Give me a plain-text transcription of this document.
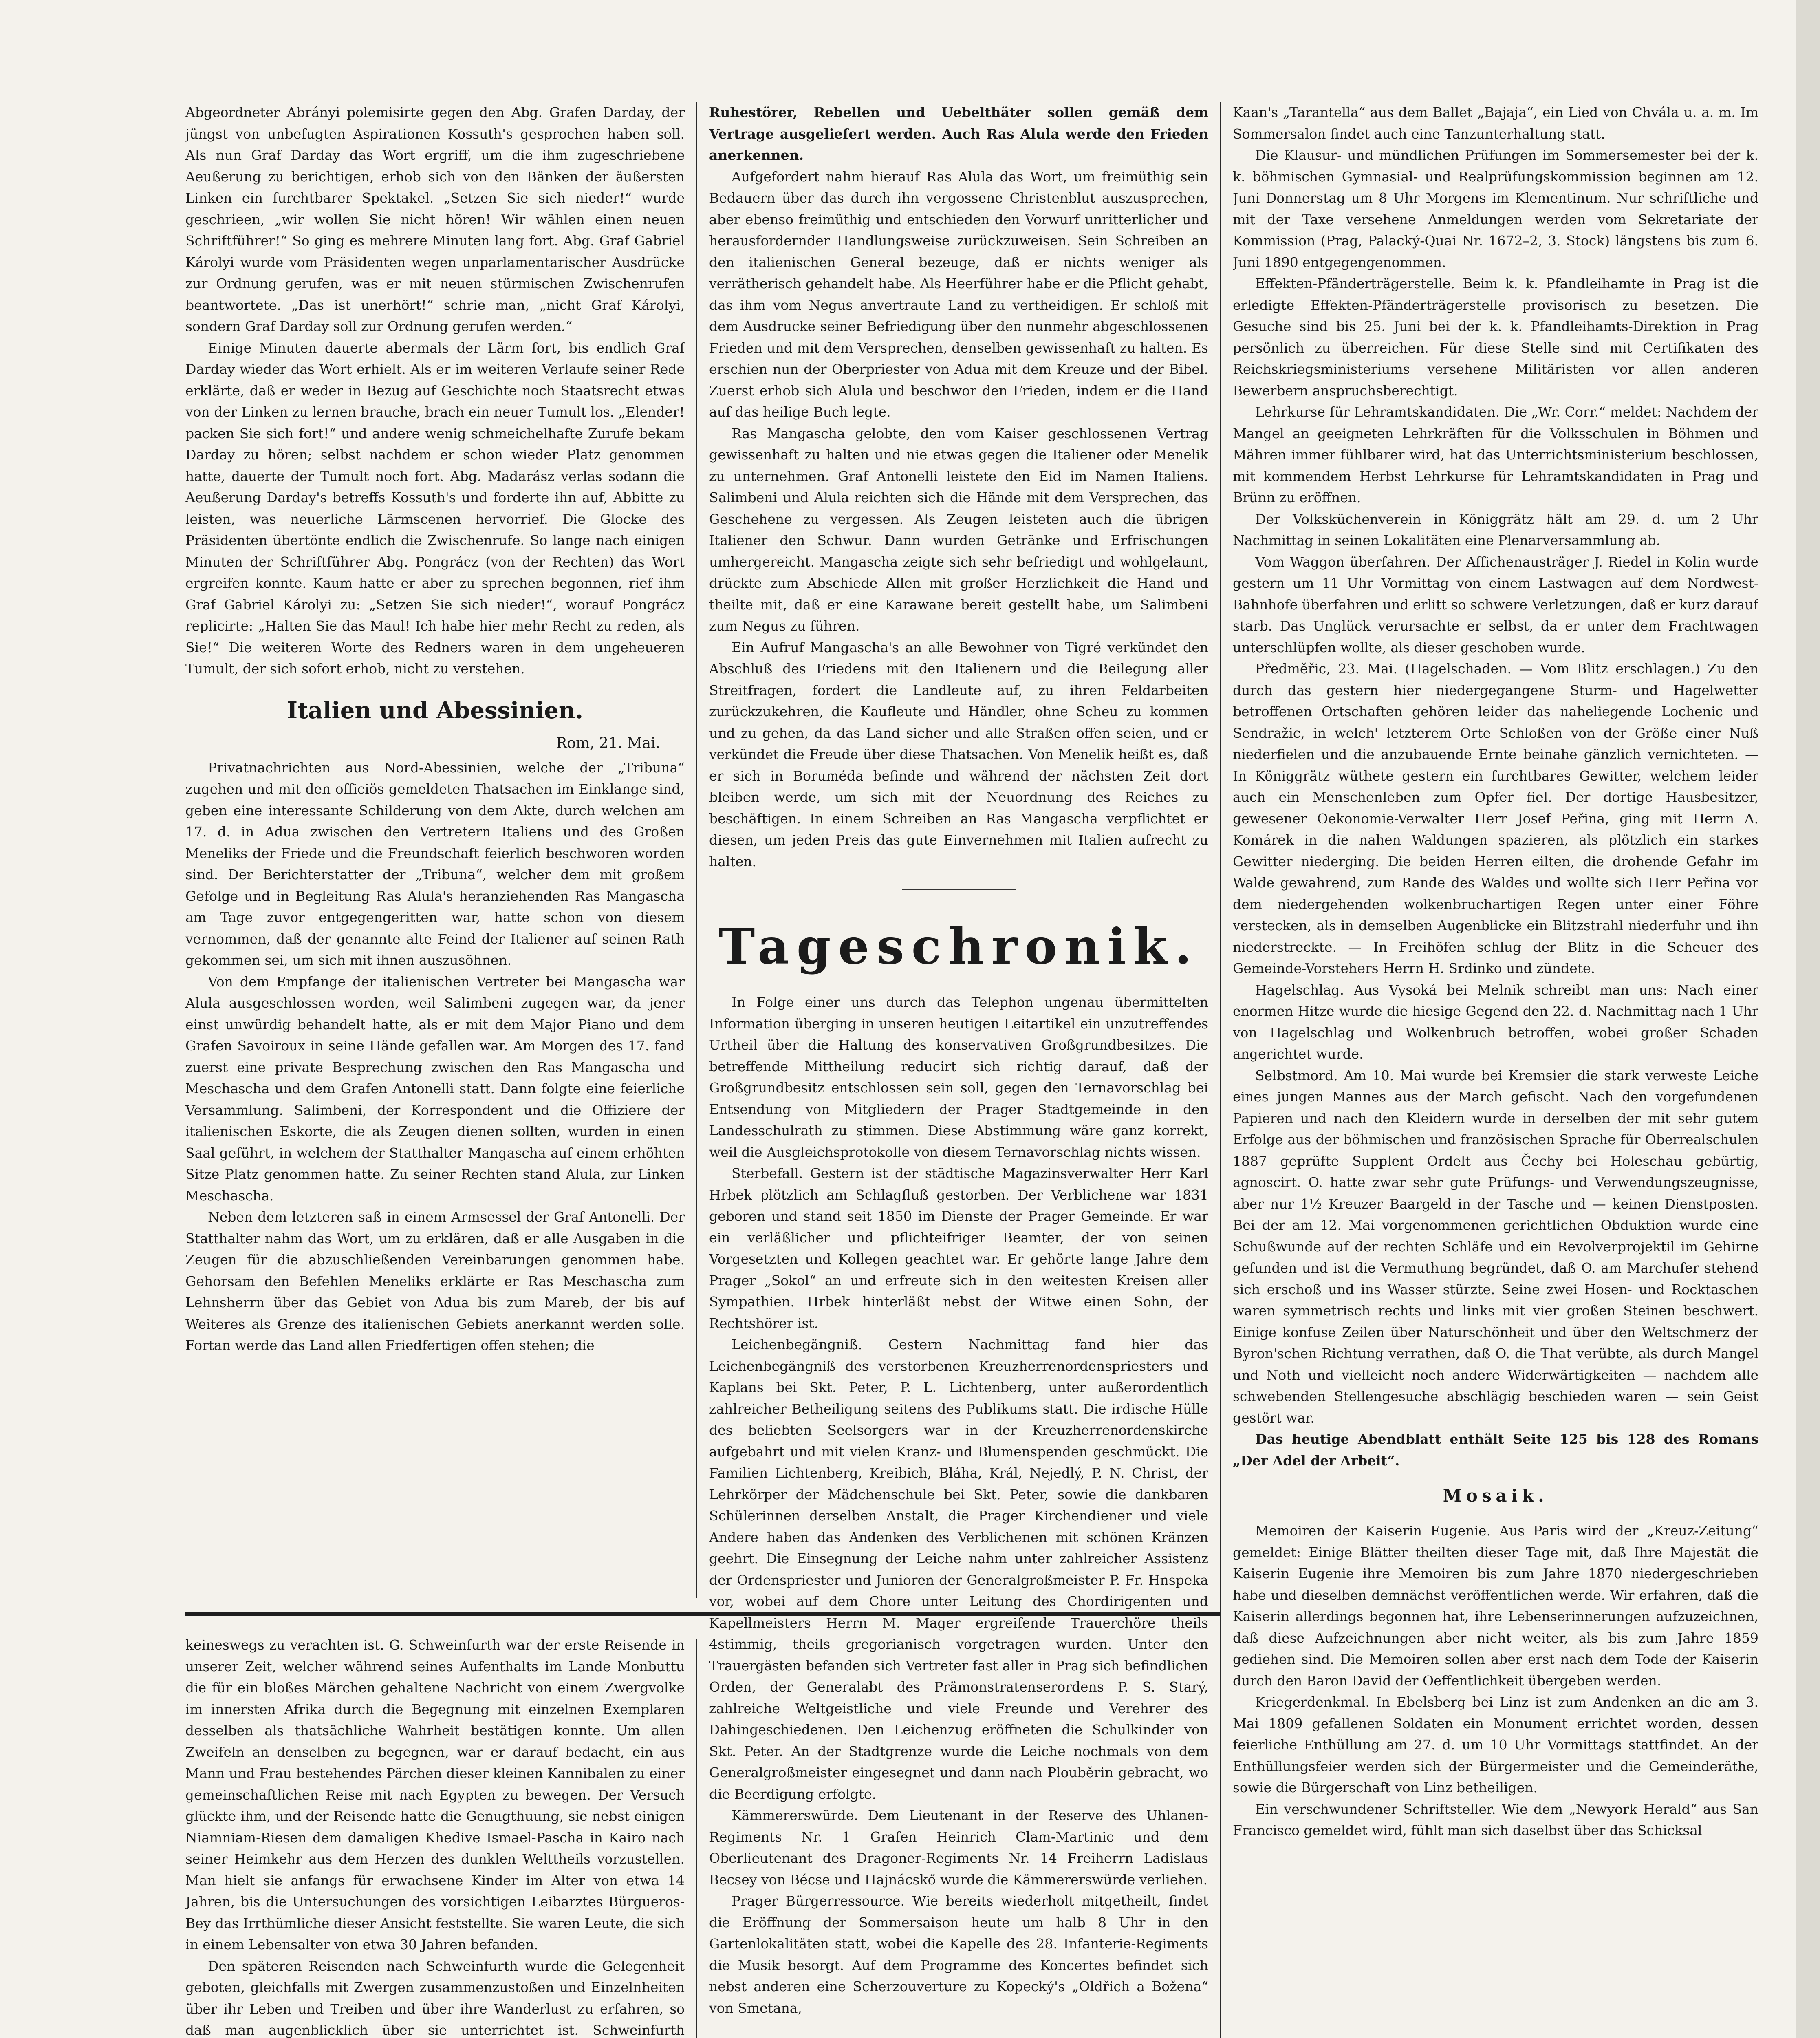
Abgeordneter Abrányi polemisirte gegen den Abg. Grafen Darday, der jüngst von unbefugten Aspirationen Kossuth's gesprochen haben soll. Als nun Graf Darday das Wort ergriff, um die ihm zugeschriebene Aeußerung zu berichtigen, erhob sich von den Bänken der äußersten Linken ein furchtbarer Spektakel. „Setzen Sie sich nieder!“ wurde geschrieen, „wir wollen Sie nicht hören! Wir wählen einen neuen Schriftführer!“ So ging es mehrere Minuten lang fort. Abg. Graf Gabriel Károlyi wurde vom Präsidenten wegen unparlamentarischer Ausdrücke zur Ordnung gerufen, was er mit neuen stürmischen Zwischenrufen beantwortete. „Das ist unerhört!“ schrie man, „nicht Graf Károlyi, sondern Graf Darday soll zur Ordnung gerufen werden.“

Einige Minuten dauerte abermals der Lärm fort, bis endlich Graf Darday wieder das Wort erhielt. Als er im weiteren Verlaufe seiner Rede erklärte, daß er weder in Bezug auf Geschichte noch Staatsrecht etwas von der Linken zu lernen brauche, brach ein neuer Tumult los. „Elender! packen Sie sich fort!“ und andere wenig schmeichelhafte Zurufe bekam Darday zu hören; selbst nachdem er schon wieder Platz genommen hatte, dauerte der Tumult noch fort. Abg. Madarász verlas sodann die Aeußerung Darday's betreffs Kossuth's und forderte ihn auf, Abbitte zu leisten, was neuerliche Lärmscenen hervorrief. Die Glocke des Präsidenten übertönte endlich die Zwischenrufe. So lange nach einigen Minuten der Schriftführer Abg. Pongrácz (von der Rechten) das Wort ergreifen konnte. Kaum hatte er aber zu sprechen begonnen, rief ihm Graf Gabriel Károlyi zu: „Setzen Sie sich nieder!“, worauf Pongrácz replicirte: „Halten Sie das Maul! Ich habe hier mehr Recht zu reden, als Sie!“ Die weiteren Worte des Redners waren in dem ungeheueren Tumult, der sich sofort erhob, nicht zu verstehen.

Italien und Abessinien.
Rom, 21. Mai.

Privatnachrichten aus Nord-Abessinien, welche der „Tribuna“ zugehen und mit den officiös gemeldeten Thatsachen im Einklange sind, geben eine interessante Schilderung von dem Akte, durch welchen am 17. d. in Adua zwischen den Vertretern Italiens und des Großen Meneliks der Friede und die Freundschaft feierlich beschworen worden sind. Der Berichterstatter der „Tribuna“, welcher dem mit großem Gefolge und in Begleitung Ras Alula's heranziehenden Ras Mangascha am Tage zuvor entgegengeritten war, hatte schon von diesem vernommen, daß der genannte alte Feind der Italiener auf seinen Rath gekommen sei, um sich mit ihnen auszusöhnen.

Von dem Empfange der italienischen Vertreter bei Mangascha war Alula ausgeschlossen worden, weil Salimbeni zugegen war, da jener einst unwürdig behandelt hatte, als er mit dem Major Piano und dem Grafen Savoiroux in seine Hände gefallen war. Am Morgen des 17. fand zuerst eine private Besprechung zwischen den Ras Mangascha und Meschascha und dem Grafen Antonelli statt. Dann folgte eine feierliche Versammlung. Salimbeni, der Korrespondent und die Offiziere der italienischen Eskorte, die als Zeugen dienen sollten, wurden in einen Saal geführt, in welchem der Statthalter Mangascha auf einem erhöhten Sitze Platz genommen hatte. Zu seiner Rechten stand Alula, zur Linken Meschascha.

Neben dem letzteren saß in einem Armsessel der Graf Antonelli. Der Statthalter nahm das Wort, um zu erklären, daß er alle Ausgaben in die Zeugen für die abzuschließenden Vereinbarungen genommen habe. Gehorsam den Befehlen Meneliks erklärte er Ras Meschascha zum Lehnsherrn über das Gebiet von Adua bis zum Mareb, der bis auf Weiteres als Grenze des italienischen Gebiets anerkannt werden solle. Fortan werde das Land allen Friedfertigen offen stehen; die

keineswegs zu verachten ist. G. Schweinfurth war der erste Reisende in unserer Zeit, welcher während seines Aufenthalts im Lande Monbuttu die für ein bloßes Märchen gehaltene Nachricht von einem Zwergvolke im innersten Afrika durch die Begegnung mit einzelnen Exemplaren desselben als thatsächliche Wahrheit bestätigen konnte. Um allen Zweifeln an denselben zu begegnen, war er darauf bedacht, ein aus Mann und Frau bestehendes Pärchen dieser kleinen Kannibalen zu einer gemeinschaftlichen Reise mit nach Egypten zu bewegen. Der Versuch glückte ihm, und der Reisende hatte die Genugthuung, sie nebst einigen Niamniam-Riesen dem damaligen Khedive Ismael-Pascha in Kairo nach seiner Heimkehr aus dem Herzen des dunklen Welttheils vorzustellen. Man hielt sie anfangs für erwachsene Kinder im Alter von etwa 14 Jahren, bis die Untersuchungen des vorsichtigen Leibarztes Bürgueros-Bey das Irrthümliche dieser Ansicht feststellte. Sie waren Leute, die sich in einem Lebensalter von etwa 30 Jahren befanden.

Den späteren Reisenden nach Schweinfurth wurde die Gelegenheit geboten, gleichfalls mit Zwergen zusammenzustoßen und Einzelnheiten über ihr Leben und Treiben und über ihre Wanderlust zu erfahren, so daß man augenblicklich über sie unterrichtet ist. Schweinfurth

Ruhestörer, Rebellen und Uebelthäter sollen gemäß dem Vertrage ausgeliefert werden. Auch Ras Alula werde den Frieden anerkennen.

Aufgefordert nahm hierauf Ras Alula das Wort, um freimüthig sein Bedauern über das durch ihn vergossene Christenblut auszusprechen, aber ebenso freimüthig und entschieden den Vorwurf unritterlicher und herausfordernder Handlungsweise zurückzuweisen. Sein Schreiben an den italienischen General bezeuge, daß er nichts weniger als verrätherisch gehandelt habe. Als Heerführer habe er die Pflicht gehabt, das ihm vom Negus anvertraute Land zu vertheidigen. Er schloß mit dem Ausdrucke seiner Befriedigung über den nunmehr abgeschlossenen Frieden und mit dem Versprechen, denselben gewissenhaft zu halten. Es erschien nun der Oberpriester von Adua mit dem Kreuze und der Bibel. Zuerst erhob sich Alula und beschwor den Frieden, indem er die Hand auf das heilige Buch legte.

Ras Mangascha gelobte, den vom Kaiser geschlossenen Vertrag gewissenhaft zu halten und nie etwas gegen die Italiener oder Menelik zu unternehmen. Graf Antonelli leistete den Eid im Namen Italiens. Salimbeni und Alula reichten sich die Hände mit dem Versprechen, das Geschehene zu vergessen. Als Zeugen leisteten auch die übrigen Italiener den Schwur. Dann wurden Getränke und Erfrischungen umhergereicht. Mangascha zeigte sich sehr befriedigt und wohlgelaunt, drückte zum Abschiede Allen mit großer Herzlichkeit die Hand und theilte mit, daß er eine Karawane bereit gestellt habe, um Salimbeni zum Negus zu führen.

Ein Aufruf Mangascha's an alle Bewohner von Tigré verkündet den Abschluß des Friedens mit den Italienern und die Beilegung aller Streitfragen, fordert die Landleute auf, zu ihren Feldarbeiten zurückzukehren, die Kaufleute und Händler, ohne Scheu zu kommen und zu gehen, da das Land sicher und alle Straßen offen seien, und er verkündet die Freude über diese Thatsachen. Von Menelik heißt es, daß er sich in Boruméda befinde und während der nächsten Zeit dort bleiben werde, um sich mit der Neuordnung des Reiches zu beschäftigen. In einem Schreiben an Ras Mangascha verpflichtet er diesen, um jeden Preis das gute Einvernehmen mit Italien aufrecht zu halten.

Tageschronik.

In Folge einer uns durch das Telephon ungenau übermittelten Information überging in unseren heutigen Leitartikel ein unzutreffendes Urtheil über die Haltung des konservativen Großgrundbesitzes. Die betreffende Mittheilung reducirt sich richtig darauf, daß der Großgrundbesitz entschlossen sein soll, gegen den Ternavorschlag bei Entsendung von Mitgliedern der Prager Stadtgemeinde in den Landesschulrath zu stimmen. Diese Abstimmung wäre ganz korrekt, weil die Ausgleichsprotokolle von diesem Ternavorschlag nichts wissen.

Sterbefall. Gestern ist der städtische Magazinsverwalter Herr Karl Hrbek plötzlich am Schlagfluß gestorben. Der Verblichene war 1831 geboren und stand seit 1850 im Dienste der Prager Gemeinde. Er war ein verläßlicher und pflichteifriger Beamter, der von seinen Vorgesetzten und Kollegen geachtet war. Er gehörte lange Jahre dem Prager „Sokol“ an und erfreute sich in den weitesten Kreisen aller Sympathien. Hrbek hinterläßt nebst der Witwe einen Sohn, der Rechtshörer ist.

Leichenbegängniß. Gestern Nachmittag fand hier das Leichenbegängniß des verstorbenen Kreuzherrenordenspriesters und Kaplans bei Skt. Peter, P. L. Lichtenberg, unter außerordentlich zahlreicher Betheiligung seitens des Publikums statt. Die irdische Hülle des beliebten Seelsorgers war in der Kreuzherrenordenskirche aufgebahrt und mit vielen Kranz- und Blumenspenden geschmückt. Die Familien Lichtenberg, Kreibich, Bláha, Král, Nejedlý, P. N. Christ, der Lehrkörper der Mädchenschule bei Skt. Peter, sowie die dankbaren Schülerinnen derselben Anstalt, die Prager Kirchendiener und viele Andere haben das Andenken des Verblichenen mit schönen Kränzen geehrt. Die Einsegnung der Leiche nahm unter zahlreicher Assistenz der Ordenspriester und Junioren der Generalgroßmeister P. Fr. Hnspeka vor, wobei auf dem Chore unter Leitung des Chordirigenten und Kapellmeisters Herrn M. Mager ergreifende Trauerchöre theils 4stimmig, theils gregorianisch vorgetragen wurden. Unter den Trauergästen befanden sich Vertreter fast aller in Prag sich befindlichen Orden, der Generalabt des Prämonstratenserordens P. S. Starý, zahlreiche Weltgeistliche und viele Freunde und Verehrer des Dahingeschiedenen. Den Leichenzug eröffneten die Schulkinder von Skt. Peter. An der Stadtgrenze wurde die Leiche nochmals von dem Generalgroßmeister eingesegnet und dann nach Plouběrin gebracht, wo die Beerdigung erfolgte.

Kämmererswürde. Dem Lieutenant in der Reserve des Uhlanen-Regiments Nr. 1 Grafen Heinrich Clam-Martinic und dem Oberlieutenant des Dragoner-Regiments Nr. 14 Freiherrn Ladislaus Becsey von Bécse und Hajnácskő wurde die Kämmererswürde verliehen.

Prager Bürgerressource. Wie bereits wiederholt mitgetheilt, findet die Eröffnung der Sommersaison heute um halb 8 Uhr in den Gartenlokalitäten statt, wobei die Kapelle des 28. Infanterie-Regiments die Musik besorgt. Auf dem Programme des Koncertes befindet sich nebst anderen eine Scherzouverture zu Kopecký's „Oldřich a Božena“ von Smetana,

Kaan's „Tarantella“ aus dem Ballet „Bajaja“, ein Lied von Chvála u. a. m. Im Sommersalon findet auch eine Tanzunterhaltung statt.

Die Klausur- und mündlichen Prüfungen im Sommersemester bei der k. k. böhmischen Gymnasial- und Realprüfungskommission beginnen am 12. Juni Donnerstag um 8 Uhr Morgens im Klementinum. Nur schriftliche und mit der Taxe versehene Anmeldungen werden vom Sekretariate der Kommission (Prag, Palacký-Quai Nr. 1672–2, 3. Stock) längstens bis zum 6. Juni 1890 entgegengenommen.

Effekten-Pfänderträgerstelle. Beim k. k. Pfandleihamte in Prag ist die erledigte Effekten-Pfänderträgerstelle provisorisch zu besetzen. Die Gesuche sind bis 25. Juni bei der k. k. Pfandleihamts-Direktion in Prag persönlich zu überreichen. Für diese Stelle sind mit Certifikaten des Reichskriegsministeriums versehene Militäristen vor allen anderen Bewerbern anspruchsberechtigt.

Lehrkurse für Lehramtskandidaten. Die „Wr. Corr.“ meldet: Nachdem der Mangel an geeigneten Lehrkräften für die Volksschulen in Böhmen und Mähren immer fühlbarer wird, hat das Unterrichtsministerium beschlossen, mit kommendem Herbst Lehrkurse für Lehramtskandidaten in Prag und Brünn zu eröffnen.

Der Volksküchenverein in Königgrätz hält am 29. d. um 2 Uhr Nachmittag in seinen Lokalitäten eine Plenarversammlung ab.

Vom Waggon überfahren. Der Affichenausträger J. Riedel in Kolin wurde gestern um 11 Uhr Vormittag von einem Lastwagen auf dem Nordwest-Bahnhofe überfahren und erlitt so schwere Verletzungen, daß er kurz darauf starb. Das Unglück verursachte er selbst, da er unter dem Frachtwagen unterschlüpfen wollte, als dieser geschoben wurde.

Předměřic, 23. Mai. (Hagelschaden. — Vom Blitz erschlagen.) Zu den durch das gestern hier niedergegangene Sturm- und Hagelwetter betroffenen Ortschaften gehören leider das naheliegende Lochenic und Sendražic, in welch' letzterem Orte Schloßen von der Größe einer Nuß niederfielen und die anzubauende Ernte beinahe gänzlich vernichteten. — In Königgrätz wüthete gestern ein furchtbares Gewitter, welchem leider auch ein Menschenleben zum Opfer fiel. Der dortige Hausbesitzer, gewesener Oekonomie-Verwalter Herr Josef Peřina, ging mit Herrn A. Komárek in die nahen Waldungen spazieren, als plötzlich ein starkes Gewitter niederging. Die beiden Herren eilten, die drohende Gefahr im Walde gewahrend, zum Rande des Waldes und wollte sich Herr Peřina vor dem niedergehenden wolkenbruchartigen Regen unter einer Föhre verstecken, als in demselben Augenblicke ein Blitzstrahl niederfuhr und ihn niederstreckte. — In Freihöfen schlug der Blitz in die Scheuer des Gemeinde-Vorstehers Herrn H. Srdinko und zündete.

Hagelschlag. Aus Vysoká bei Melnik schreibt man uns: Nach einer enormen Hitze wurde die hiesige Gegend den 22. d. Nachmittag nach 1 Uhr von Hagelschlag und Wolkenbruch betroffen, wobei großer Schaden angerichtet wurde.

Selbstmord. Am 10. Mai wurde bei Kremsier die stark verweste Leiche eines jungen Mannes aus der March gefischt. Nach den vorgefundenen Papieren und nach den Kleidern wurde in derselben der mit sehr gutem Erfolge aus der böhmischen und französischen Sprache für Oberrealschulen 1887 geprüfte Supplent Ordelt aus Čechy bei Holeschau gebürtig, agnoscirt. O. hatte zwar sehr gute Prüfungs- und Verwendungszeugnisse, aber nur 1½ Kreuzer Baargeld in der Tasche und — keinen Dienstposten. Bei der am 12. Mai vorgenommenen gerichtlichen Obduktion wurde eine Schußwunde auf der rechten Schläfe und ein Revolverprojektil im Gehirne gefunden und ist die Vermuthung begründet, daß O. am Marchufer stehend sich erschoß und ins Wasser stürzte. Seine zwei Hosen- und Rocktaschen waren symmetrisch rechts und links mit vier großen Steinen beschwert. Einige konfuse Zeilen über Naturschönheit und über den Weltschmerz der Byron'schen Richtung verrathen, daß O. die That verübte, als durch Mangel und Noth und vielleicht noch andere Widerwärtigkeiten — nachdem alle schwebenden Stellengesuche abschlägig beschieden waren — sein Geist gestört war.

Das heutige Abendblatt enthält Seite 125 bis 128 des Romans „Der Adel der Arbeit“.

Mosaik.

Memoiren der Kaiserin Eugenie. Aus Paris wird der „Kreuz-Zeitung“ gemeldet: Einige Blätter theilten dieser Tage mit, daß Ihre Majestät die Kaiserin Eugenie ihre Memoiren bis zum Jahre 1870 niedergeschrieben habe und dieselben demnächst veröffentlichen werde. Wir erfahren, daß die Kaiserin allerdings begonnen hat, ihre Lebenserinnerungen aufzuzeichnen, daß diese Aufzeichnungen aber nicht weiter, als bis zum Jahre 1859 gediehen sind. Die Memoiren sollen aber erst nach dem Tode der Kaiserin durch den Baron David der Oeffentlichkeit übergeben werden.

Kriegerdenkmal. In Ebelsberg bei Linz ist zum Andenken an die am 3. Mai 1809 gefallenen Soldaten ein Monument errichtet worden, dessen feierliche Enthüllung am 27. d. um 10 Uhr Vormittags stattfindet. An der Enthüllungsfeier werden sich der Bürgermeister und die Gemeinderäthe, sowie die Bürgerschaft von Linz betheiligen.

Ein verschwundener Schriftsteller. Wie dem „Newyork Herald“ aus San Francisco gemeldet wird, fühlt man sich daselbst über das Schicksal
